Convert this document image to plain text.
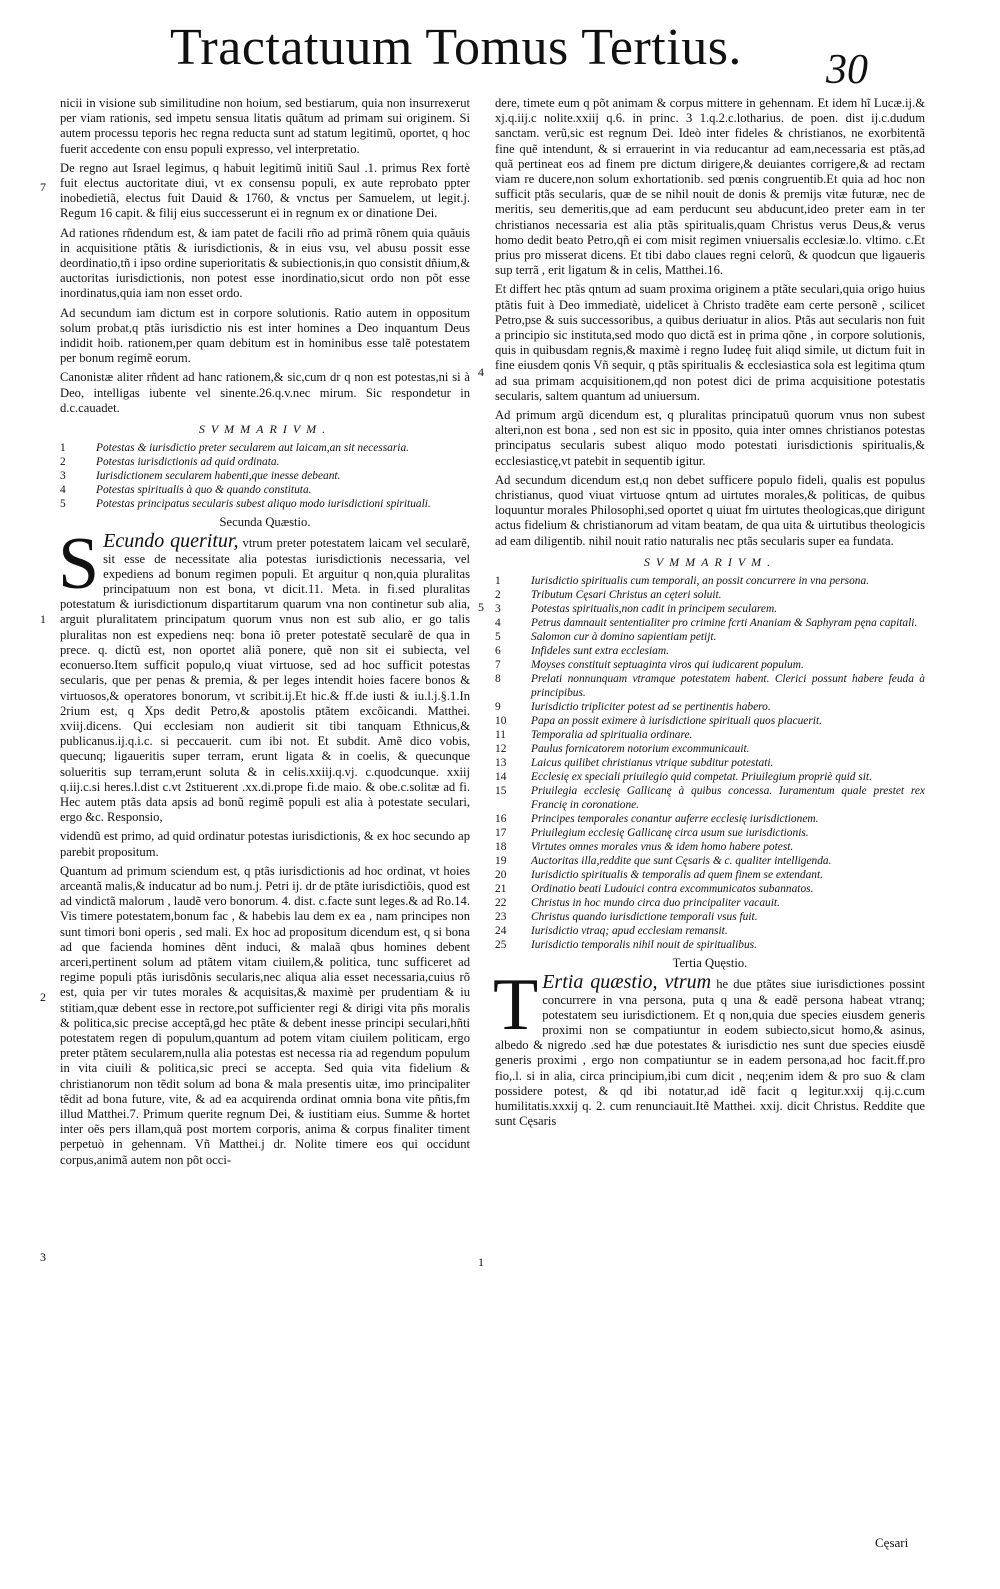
Tractatuum Tomus Tertius. 30

nicii in visione sub similitudine non hoium, sed bestiarum, quia non insurrexerut per viam rationis, sed impetu sensua litatis quãtum ad primam sui originem. Si autem processu teporis hec regna reducta sunt ad statum legitimũ, oportet, q hoc fuerit accedente con ensu populi expresso, vel interpretatio.

De regno aut Israel legimus, q habuit legitimũ initiũ Saul .1. primus Rex fortè fuit electus auctoritate diui, vt ex consensu populi, ex aute reprobato ppter inobedietiã, electus fuit Dauid & 1760, & vnctus per Samuelem, ut legit.j. Regum 16 capit. & filij eius successerunt ei in regnum ex or dinatione Dei.

Ad rationes rñdendum est, & iam patet de facili rño ad primã rõnem quia quãuis in acquisitione ptãtis & iurisdictionis, & in eius vsu, vel abusu possit esse deordinatio,tñ i ipso ordine superioritatis & subiectionis,in quo consistit dñium,& auctoritas iurisdictionis, non potest esse inordinatio,sicut ordo non põt esse inordinatus,quia iam non esset ordo.

Ad secundum iam dictum est in corpore solutionis. Ratio autem in oppositum solum probat,q ptãs iurisdictio nis est inter homines a Deo inquantum Deus indidit hoib. rationem,per quam debitum est in hominibus esse talẽ potestatem per bonum regimẽ eorum.

Canonistæ aliter rñdent ad hanc rationem,& sic,cum dr q non est potestas,ni si à Deo, intelligas iubente vel sinente.26.q.v.nec mirum. Sic respondetur in d.c.cauadet.

SVMMARIVM.
1	Potestas & iurisdictio preter secularem aut laicam,an sit necessaria.
2	Potestas iurisdictionis ad quid ordinata.
3	Iurisdictionem secularem habenti,que inesse debeant.
4	Potestas spiritualis à quo & quando constituta.
5	Potestas principatus secularis subest aliquo modo iurisdictioni spirituali.
Secunda Quæstio.

S Ecundo queritur, vtrum preter potestatem laicam vel secularẽ, sit esse de necessitate alia potestas iurisdictionis necessaria, vel expediens ad bonum regimen populi. Et arguitur q non,quia pluralitas principatuum non est bona, vt dicit.11. Meta. in fi.sed pluralitas potestatum & iurisdictionum dispartitarum quarum vna non continetur sub alia, arguit pluralitatem principatum quorum vnus non est sub alio, er go talis pluralitas non est expediens neq: bona iõ preter potestatẽ secularẽ de qua in prece. q. dictũ est, non oportet aliã ponere, quẽ non sit ei subiecta, vel econuerso.Item sufficit populo,q viuat virtuose, sed ad hoc sufficit potestas secularis, que per penas & premia, & per leges intendit hoies facere bonos & virtuosos,& operatores bonorum, vt scribit.ij.Et hic.& ff.de iusti & iu.l.j.§.1.In 2rium est, q Xps dedit Petro,& apostolis ptãtem excõicandi. Matthei. xviij.dicens. Qui ecclesiam non audierit sit tibi tanquam Ethnicus,& publicanus.ij.q.i.c. si peccauerit. cum ibi not. Et subdit. Amẽ dico vobis, quecunq; ligaueritis super terram, erunt ligata & in coelis, & quecunque solueritis sup terram,erunt soluta & in celis.xxiij.q.vj. c.quodcunque. xxiij q.iij.c.si heres.l.dist c.vt 2stituerent .xx.di.prope fi.de maio. & obe.c.solitæ ad fi. Hec autem ptãs data apsis ad bonũ regimẽ populi est alia à potestate seculari, ergo &c. Responsio,

videndũ est primo, ad quid ordinatur potestas iurisdictionis, & ex hoc secundo ap parebit propositum.

Quantum ad primum sciendum est, q ptãs iurisdictionis ad hoc ordinat, vt hoies arceantã malis,& inducatur ad bo num.j. Petri ij. dr de ptãte iurisdictiõis, quod est ad vindictã malorum , laudẽ vero bonorum. 4. dist. c.facte sunt leges.& ad Ro.14. Vis timere potestatem,bonum fac , & habebis lau dem ex ea , nam principes non sunt timori boni operis , sed mali. Ex hoc ad propositum dicendum est, q si bona ad que facienda homines dẽnt induci, & malaã qbus homines debent arceri,pertinent solum ad ptãtem vitam ciuilem,& politica, tunc sufficeret ad regime populi ptãs iurisdõnis secularis,nec aliqua alia esset necessaria,cuius rõ est, quia per vir tutes morales & acquisitas,& maximè per prudentiam & iu stitiam,quæ debent esse in rectore,pot sufficienter regi & dirigi vita pñs moralis & politica,sic precise acceptã,gd hec ptãte & debent inesse principi seculari,hñti potestatem regen di populum,quantum ad potem vitam ciuilem politicam, ergo preter ptãtem secularem,nulla alia potestas est necessa ria ad regendum populum in vita ciuili & politica,sic preci se accepta. Sed quia vita fidelium & christianorum non tẽdit solum ad bona & mala presentis uitæ, imo principaliter tẽdit ad bona future, vite, & ad ea acquirenda ordinat omnia bona vite pñtis,fm illud Matthei.7. Primum querite regnum Dei, & iustitiam eius. Summe & hortet inter oẽs pers illam,quã post mortem corporis, anima & corpus finaliter timent perpetuò in gehennam. Vñ Matthei.j dr. Nolite timere eos qui occidunt corpus,animã autem non põt occi-

7
1
2
3
4
5
1

dere, timete eum q põt animam & corpus mittere in gehennam. Et idem hĩ Lucæ.ij.& xj.q.iij.c nolite.xxiij q.6. in princ. 3 1.q.2.c.lotharius. de poen. dist ij.c.dudum sanctam. verũ,sic est regnum Dei. Ideò inter fideles & christianos, ne exorbitentã fine quẽ intendunt, & si errauerint in via reducantur ad eam,necessaria est ptãs,ad quã pertineat eos ad finem pre dictum dirigere,& deuiantes corrigere,& ad rectam viam re ducere,non solum exhortationib. sed pœnis congruentib.Et quia ad hoc non sufficit ptãs secularis, quæ de se nihil nouit de donis & premijs vitæ futuræ, nec de meritis, seu demeritis,que ad eam perducunt seu abducunt,ideo preter eam in ter christianos necessaria est alia ptãs spiritualis,quam Christus verus Deus,& verus homo dedit beato Petro,qñ ei com misit regimen vniuersalis ecclesiæ.lo. vltimo. c.Et prius pro misserat dicens. Et tibi dabo claues regni celorũ, & quodcun que ligaueris sup terrã , erit ligatum & in celis, Matthei.16.

Et differt hec ptãs qntum ad suam proxima originem a ptãte seculari,quia origo huius ptãtis fuit à Deo immediatè, uidelicet à Christo tradẽte eam certe personẽ , scilicet Petro,pse & suis successoribus, a quibus deriuatur in alios. Ptãs aut secularis non fuit a principio sic instituta,sed modo quo dictã est in prima qõne , in corpore solutionis, quis in quibusdam regnis,& maximè i regno Iudeę fuit aliqd simile, ut dictum fuit in fine eiusdem qonis Vñ sequir, q ptãs spiritualis & ecclesiastica sola est legitima qtum ad sua primam acquisitionem,qd non potest dici de prima acquisitione potestatis secularis, saltem quantum ad uniuersum.

Ad primum argũ dicendum est, q pluralitas principatuũ quorum vnus non subest alteri,non est bona , sed non est sic in pposito, quia inter omnes christianos potestas principatus secularis subest aliquo modo potestati iurisdictionis spiritualis,& ecclesiasticę,vt patebit in sequentib igitur.

Ad secundum dicendum est,q non debet sufficere populo fideli, qualis est populus christianus, quod viuat virtuose qntum ad uirtutes morales,& politicas, de quibus loquuntur morales Philosophi,sed oportet q uiuat fm uirtutes theologicas,que dirigunt actus fidelium & christianorum ad vitam beatam, de qua uita & uirtutibus theologicis ad eam diligentib. nihil nouit ratio naturalis nec ptãs secularis super ea fundata.

SVMMARIVM.
1	Iurisdictio spiritualis cum temporali, an possit concurrere in vna persona.
2	Tributum Cęsari Christus an cęteri soluit.
3	Potestas spiritualis,non cadit in principem secularem.
4	Petrus damnauit sententialiter pro crimine fcrti Ananiam & Saphyram pęna capitali.
5	Salomon cur à domino sapientiam petijt.
6	Infideles sunt extra ecclesiam.
7	Moyses constituit septuaginta viros qui iudicarent populum.
8	Prelati nonnunquam vtramque potestatem habent. Clerici possunt habere feuda à principibus.
9	Iurisdictio tripliciter potest ad se pertinentis habero.
10	Papa an possit eximere à iurisdictione spirituali quos placuerit.
11	Temporalia ad spiritualia ordinare.
12	Paulus fornicatorem notorium excommunicauit.
13	Laicus quilibet christianus vtrique subditur potestati.
14	Ecclesię ex speciali priuilegio quid competat. Priuilegium propriè quid sit.
15	Priuilegia ecclesię Gallicanę à quibus concessa. Iuramentum quale prestet rex Francię in coronatione.
16	Principes temporales conantur auferre ecclesię iurisdictionem.
17	Priuilegium ecclesię Gallicanę circa usum sue iurisdictionis.
18	Virtutes omnes morales vnus & idem homo habere potest.
19	Auctoritas illa,reddite que sunt Cęsaris & c. qualiter intelligenda.
20	Iurisdictio spiritualis & temporalis ad quem finem se extendant.
21	Ordinatio beati Ludouici contra excommunicatos subannatos.
22	Christus in hoc mundo circa duo principaliter vacauit.
23	Christus quando iurisdictione temporali vsus fuit.
24	Iurisdictio vtraq; apud ecclesiam remansit.
25	Iurisdictio temporalis nihil nouit de spiritualibus.
Tertia Quęstio.

T Ertia quæstio, vtrum he due ptãtes siue iurisdictiones possint concurrere in vna persona, puta q una & eadẽ persona habeat vtranq; potestatem seu iurisdictionem. Et q non,quia due species eiusdem generis proximi non se compatiuntur in eodem subiecto,sicut homo,& asinus, albedo & nigredo .sed hæ due potestates & iurisdictio nes sunt due species eiusdẽ generis proximi , ergo non compatiuntur se in eadem persona,ad hoc facit.ff.pro fio,.l. si in alia, circa principium,ibi cum dicit , neq;enim idem & pro suo & clam possidere potest, & qd ibi notatur,ad idẽ facit q legitur.xxij q.ij.c.cum humilitatis.xxxij q. 2. cum renunciauit.Itẽ Matthei. xxij. dicit Christus. Reddite que sunt Cęsaris

Cęsari
